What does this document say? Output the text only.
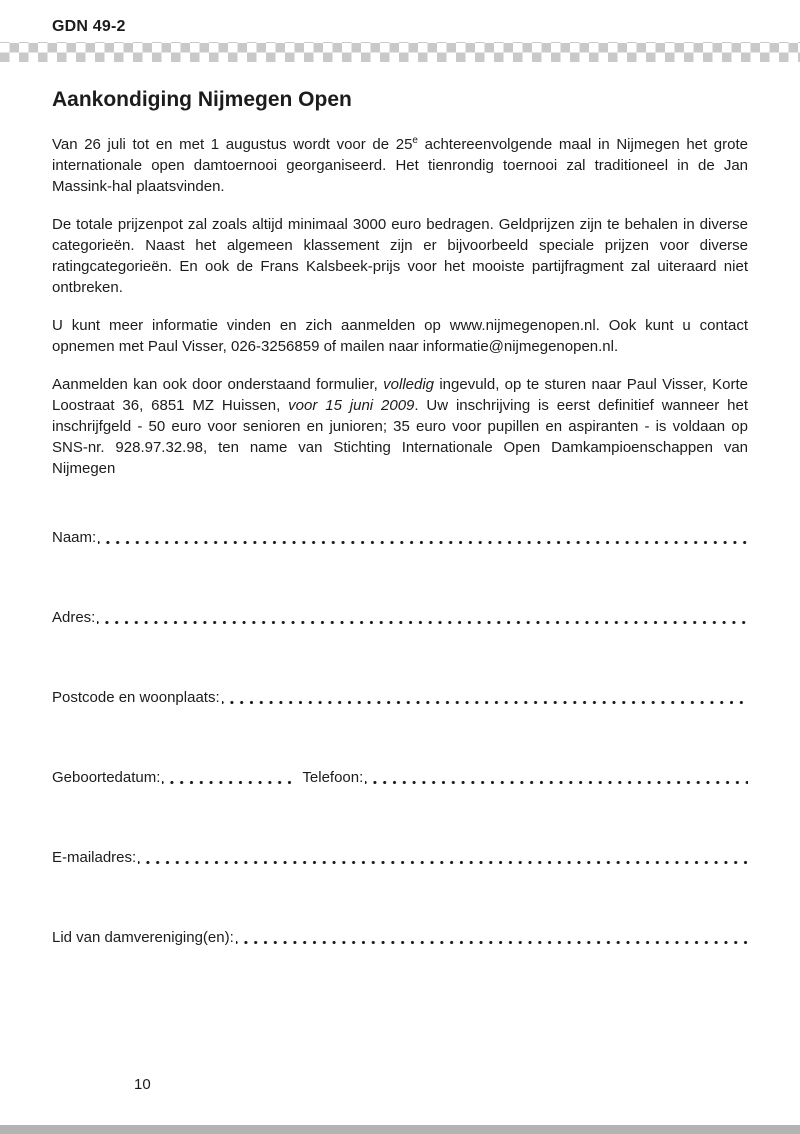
GDN 49-2
Aankondiging Nijmegen Open

Van 26 juli tot en met 1 augustus wordt voor de 25e achtereenvolgende maal in Nijmegen het grote internationale open damtoernooi georganiseerd. Het tienrondig toernooi zal traditioneel in de Jan Massink-hal plaatsvinden.

De totale prijzenpot zal zoals altijd minimaal 3000 euro bedragen. Geldprijzen zijn te behalen in diverse categorieën. Naast het algemeen klassement zijn er bijvoorbeeld speciale prijzen voor diverse ratingcategorieën. En ook de Frans Kalsbeek-prijs voor het mooiste partijfragment zal uiteraard niet ontbreken.

U kunt meer informatie vinden en zich aanmelden op www.nijmegenopen.nl. Ook kunt u contact opnemen met Paul Visser, 026-3256859 of mailen naar informatie@nijmegenopen.nl.

Aanmelden kan ook door onderstaand formulier, volledig ingevuld, op te sturen naar Paul Visser, Korte Loostraat 36, 6851 MZ Huissen, voor 15 juni 2009. Uw inschrijving is eerst definitief wanneer het inschrijfgeld - 50 euro voor senioren en junioren; 35 euro voor pupillen en aspiranten - is voldaan op SNS-nr. 928.97.32.98, ten name van Stichting Internationale Open Damkampioenschappen van Nijmegen

Naam:
Adres:
Postcode en woonplaats:
Geboortedatum:	Telefoon:
E-mailadres:
Lid van damvereniging(en):
10
